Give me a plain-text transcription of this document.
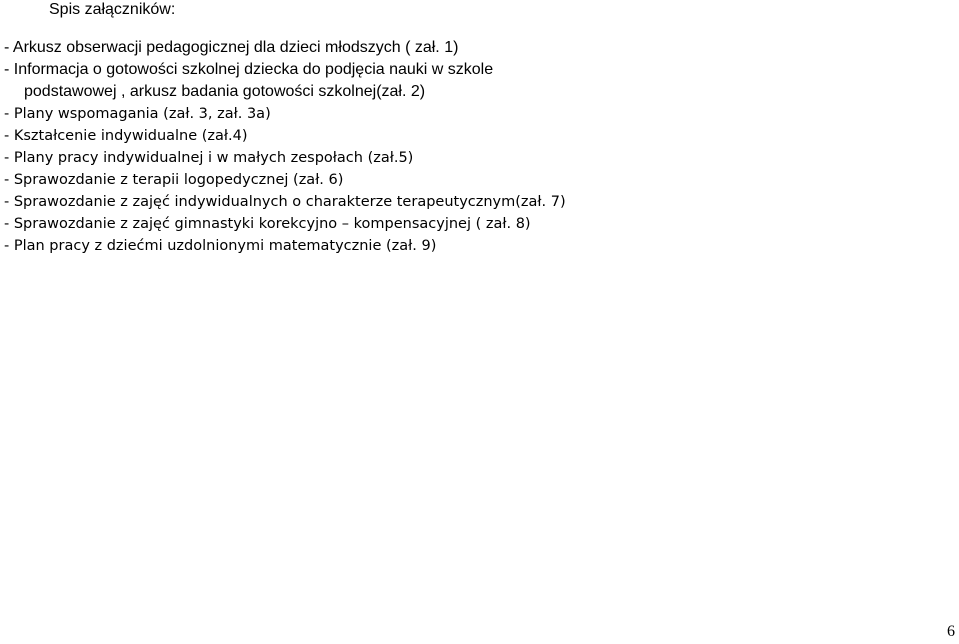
Spis załączników:
- Arkusz obserwacji pedagogicznej dla dzieci młodszych ( zał. 1)
- Informacja o gotowości szkolnej dziecka do podjęcia nauki w szkole
podstawowej , arkusz badania gotowości szkolnej(zał. 2)
- Plany wspomagania (zał. 3, zał. 3a)
- Kształcenie indywidualne (zał.4)
- Plany pracy indywidualnej i w małych zespołach (zał.5)
- Sprawozdanie z terapii logopedycznej (zał. 6)
- Sprawozdanie z zajęć indywidualnych o charakterze terapeutycznym(zał. 7)
- Sprawozdanie z zajęć gimnastyki korekcyjno – kompensacyjnej ( zał. 8)
- Plan pracy z dziećmi uzdolnionymi matematycznie (zał. 9)
6
